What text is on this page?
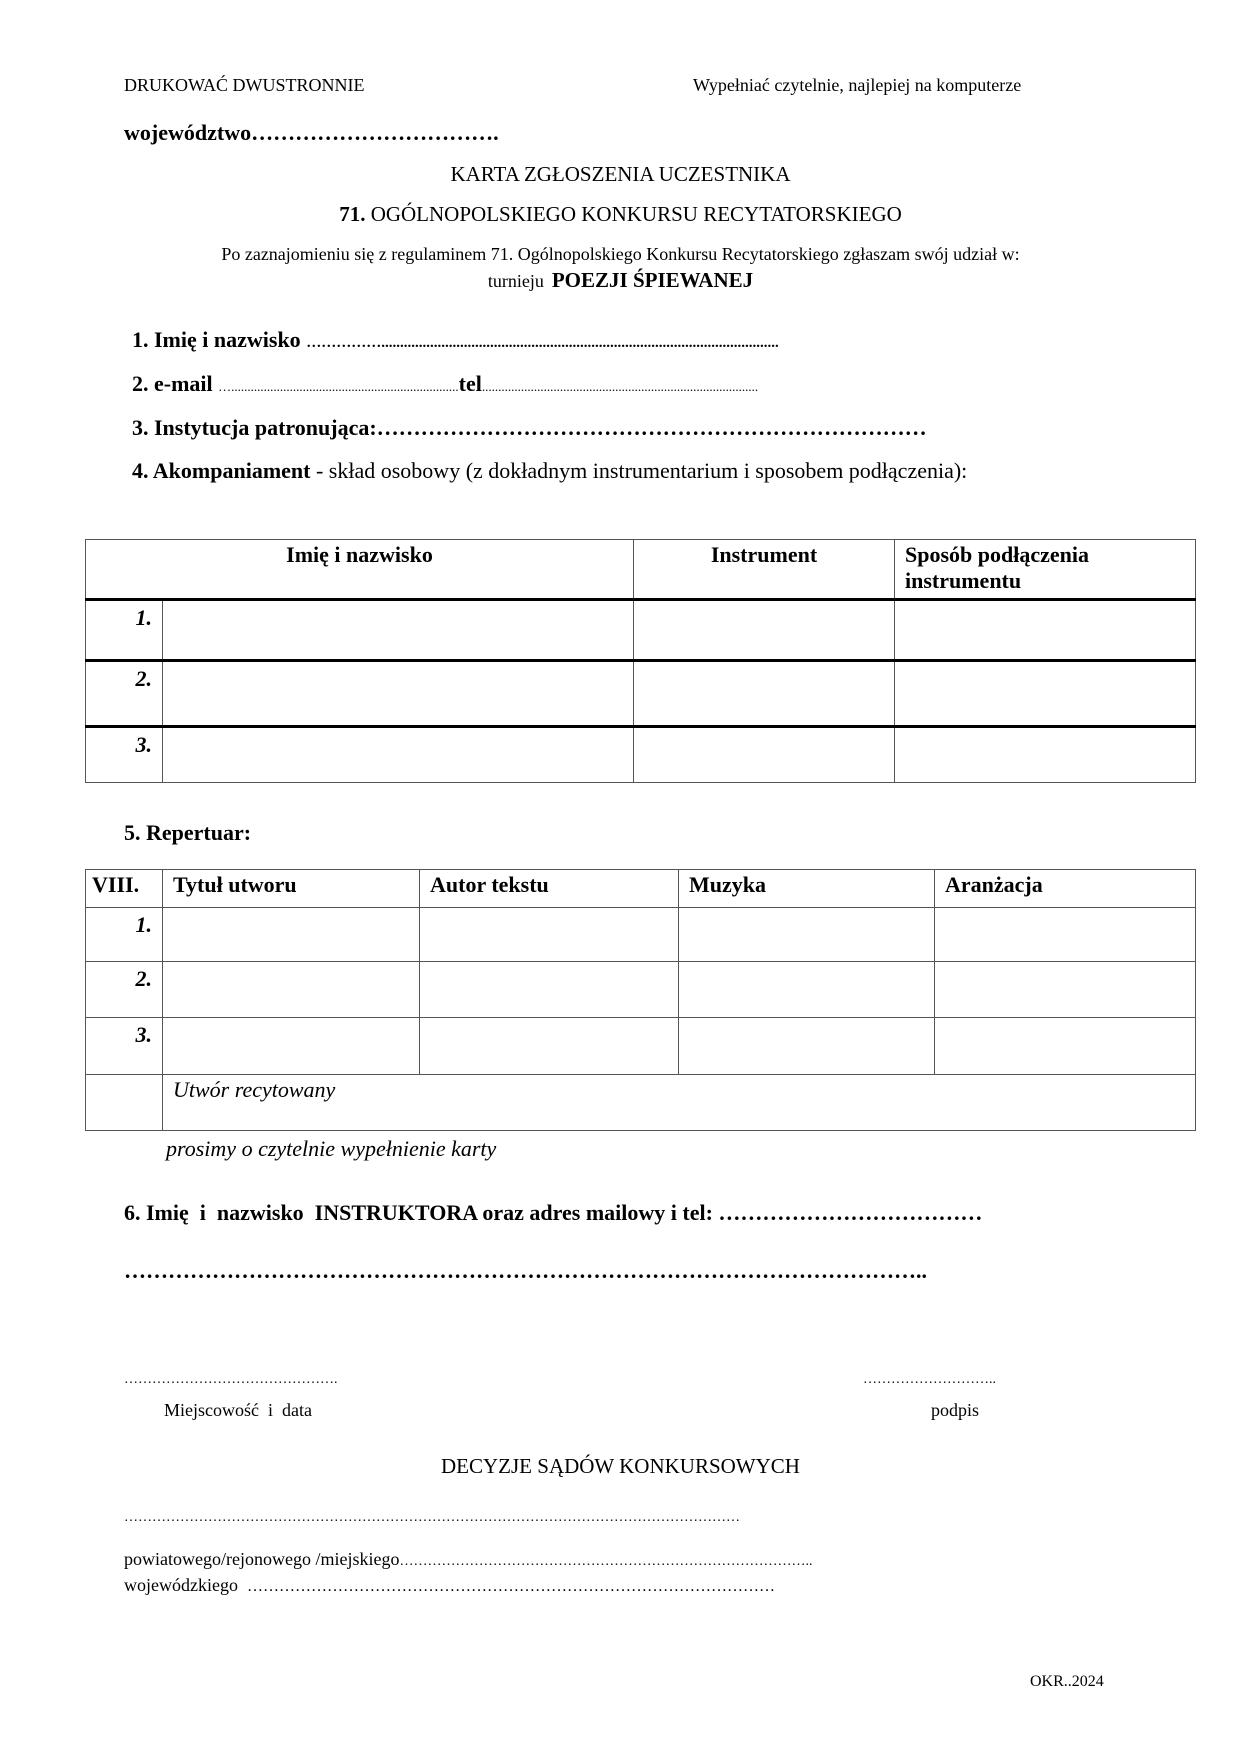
DRUKOWAĆ DWUSTRONNIE	Wypełniać czytelnie, najlepiej na komputerze
województwo…………………………….
KARTA ZGŁOSZENIA UCZESTNIKA
71. OGÓLNOPOLSKIEGO KONKURSU RECYTATORSKIEGO
Po zaznajomieniu się z regulaminem 71. Ogólnopolskiego Konkursu Recytatorskiego zgłaszam swój udział w:
turnieju POEZJI ŚPIEWANEJ
1. Imię i nazwisko ……………..........................................................................................................
2. e-mail …......................................................................tel.....................................................................................
3. Instytucja patronująca:…………………………………………………………………
4. Akompaniament - skład osobowy (z dokładnym instrumentarium i sposobem podłączenia):
Imię i nazwisko		Instrument	Sposób podłączenia instrumentu
1.			
2.			
3.			
5. Repertuar:
VIII.	Tytuł utworu	Autor tekstu	Muzyka	Aranżacja
1.				
2.				
3.				
	Utwór recytowany			
prosimy o czytelnie wypełnienie karty
6. Imię  i  nazwisko  INSTRUKTORA oraz adres mailowy i tel: ………………………………
………………………………………………………………………………………………..
……………………………………….
Miejscowość  i  data
………………………..
podpis
DECYZJE SĄDÓW KONKURSOWYCH
……………………………………………………………………………………………………………………
powiatowego/rejonowego /miejskiego……………………………………………………………………………..
wojewódzkiego ………………………………………………………………………………………
OKR..2024
